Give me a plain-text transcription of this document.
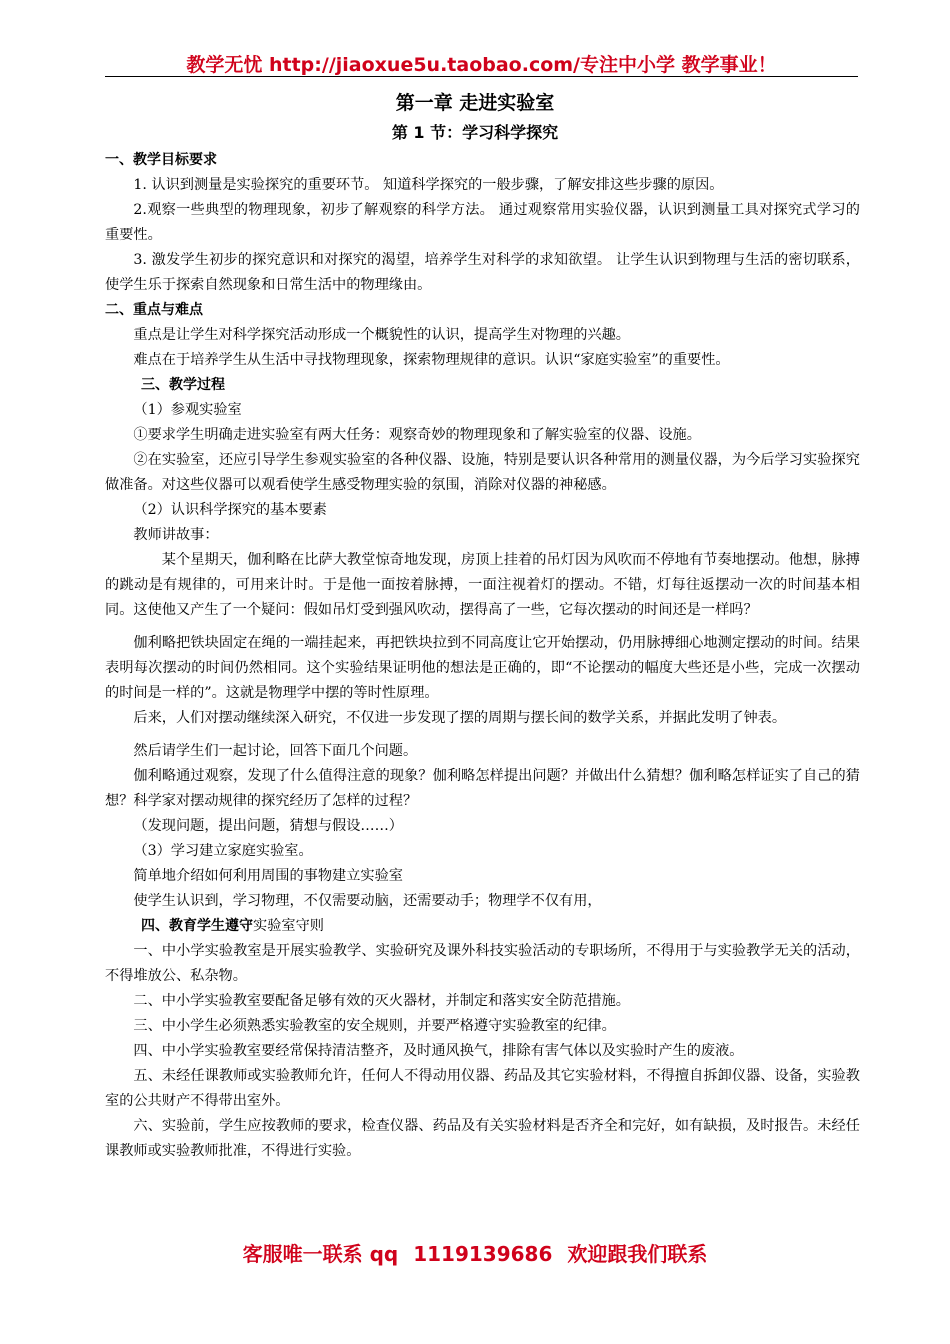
教学无忧 http://jiaoxue5u.taobao.com/专注中小学 教学事业！
第一章 走进实验室
第 1 节：学习科学探究

一、教学目标要求

1. 认识到测量是实验探究的重要环节。 知道科学探究的一般步骤，了解安排这些步骤的原因。

2.观察一些典型的物理现象，初步了解观察的科学方法。 通过观察常用实验仪器，认识到测量工具对探究式学习的重要性。

3. 激发学生初步的探究意识和对探究的渴望，培养学生对科学的求知欲望。 让学生认识到物理与生活的密切联系，使学生乐于探索自然现象和日常生活中的物理缘由。

二、重点与难点

重点是让学生对科学探究活动形成一个概貌性的认识，提高学生对物理的兴趣。

难点在于培养学生从生活中寻找物理现象，探索物理规律的意识。认识“家庭实验室”的重要性。

三、教学过程

（1）参观实验室

①要求学生明确走进实验室有两大任务：观察奇妙的物理现象和了解实验室的仪器、设施。

②在实验室，还应引导学生参观实验室的各种仪器、设施，特别是要认识各种常用的测量仪器，为今后学习实验探究做准备。对这些仪器可以观看使学生感受物理实验的氛围，消除对仪器的神秘感。

（2）认识科学探究的基本要素

教师讲故事：

某个星期天，伽利略在比萨大教堂惊奇地发现，房顶上挂着的吊灯因为风吹而不停地有节奏地摆动。他想，脉搏的跳动是有规律的，可用来计时。于是他一面按着脉搏，一面注视着灯的摆动。不错，灯每往返摆动一次的时间基本相同。这使他又产生了一个疑问：假如吊灯受到强风吹动，摆得高了一些，它每次摆动的时间还是一样吗？

伽利略把铁块固定在绳的一端挂起来，再把铁块拉到不同高度让它开始摆动，仍用脉搏细心地测定摆动的时间。结果表明每次摆动的时间仍然相同。这个实验结果证明他的想法是正确的，即“不论摆动的幅度大些还是小些，完成一次摆动的时间是一样的”。这就是物理学中摆的等时性原理。

后来，人们对摆动继续深入研究，不仅进一步发现了摆的周期与摆长间的数学关系，并据此发明了钟表。

然后请学生们一起讨论，回答下面几个问题。

伽利略通过观察，发现了什么值得注意的现象？伽利略怎样提出问题？并做出什么猜想？伽利略怎样证实了自己的猜想？科学家对摆动规律的探究经历了怎样的过程？

（发现问题，提出问题，猜想与假设……）

（3）学习建立家庭实验室。

简单地介绍如何利用周围的事物建立实验室

使学生认识到，学习物理，不仅需要动脑，还需要动手；物理学不仅有用，

四、教育学生遵守实验室守则

一、中小学实验教室是开展实验教学、实验研究及课外科技实验活动的专职场所，不得用于与实验教学无关的活动，不得堆放公、私杂物。

二、中小学实验教室要配备足够有效的灭火器材，并制定和落实安全防范措施。

三、中小学生必须熟悉实验教室的安全规则，并要严格遵守实验教室的纪律。

四、中小学实验教室要经常保持清洁整齐，及时通风换气，排除有害气体以及实验时产生的废液。

五、未经任课教师或实验教师允许，任何人不得动用仪器、药品及其它实验材料，不得擅自拆卸仪器、设备，实验教室的公共财产不得带出室外。

六、实验前，学生应按教师的要求，检查仪器、药品及有关实验材料是否齐全和完好，如有缺损，及时报告。未经任课教师或实验教师批准，不得进行实验。

客服唯一联系 qq 1119139686 欢迎跟我们联系
